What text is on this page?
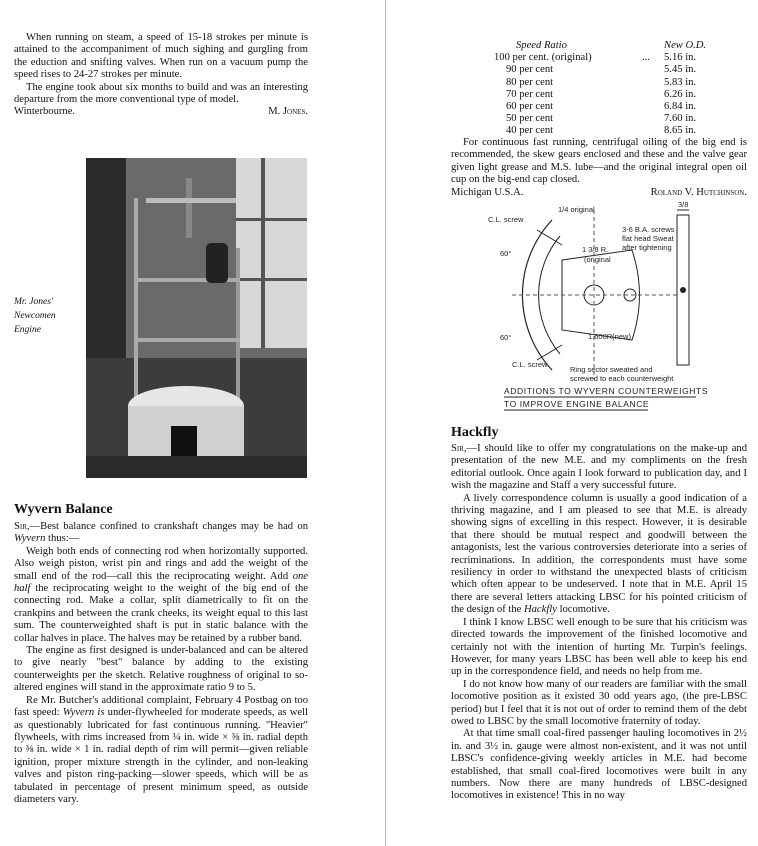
When running on steam, a speed of 15-18 strokes per minute is attained to the accompaniment of much sighing and gurgling from the eduction and snifting valves. When run on a vacuum pump the speed rises to 24-27 strokes per minute.

The engine took about six months to build and was an interesting departure from the more conventional type of model.

Winterbourne.	M. Jones.
Mr. Jones'
Newcomen
Engine
Wyvern Balance

Sir,—Best balance confined to crankshaft changes may be had on Wyvern thus:—

Weigh both ends of connecting rod when horizontally supported. Also weigh piston, wrist pin and rings and add the weight of the small end of the rod—call this the reciprocating weight. Add one half the reciprocating weight to the weight of the big end of the connecting rod. Make a collar, split diametrically to fit on the crankpins and between the crank cheeks, its weight equal to this last sum. The counterweighted shaft is put in static balance with the collar halves in place. The halves may be retained by a rubber band.

The engine as first designed is under-balanced and can be altered to give nearly "best" balance by adding to the existing counterweights per the sketch. Relative roughness of original to so-altered engines will stand in the approximate ratio 9 to 5.

Re Mr. Butcher's additional complaint, February 4 Postbag on too fast speed: Wyvern is under-flywheeled for moderate speeds, as well as questionably lubricated for fast continuous running. "Heavier" flywheels, with rims increased from ¼ in. wide × ⅜ in. radial depth to ⅜ in. wide × 1 in. radial depth of rim will permit—given reliable ignition, proper mixture strength in the cylinder, and non-leaking valves and piston ring-packing—slower speeds, which will be as tabulated in percentage of present minimum speed, as outside diameters vary.

Speed Ratio		New O.D.
100 per cent. (original)	...	5.16 in.
90 per cent		5.45 in.
80 per cent		5.83 in.
70 per cent		6.26 in.
60 per cent		6.84 in.
50 per cent		7.60 in.
40 per cent		8.65 in.

For continuous fast running, centrifugal oiling of the big end is recommended, the skew gears enclosed and these and the valve gear given light grease and M.S. lube—and the original integral open oil cup on the big-end cap closed.

Michigan U.S.A.	Roland V. Hutchinson.
C.L. screw
1/4 original
3/8
3-6 B.A. screws
flat head Sweat
after tightening
60°	1 3/8 R.
(original
60°	1.600R(new)
C.L. screw
Ring sector sweated and
screwed to each counterweight
ADDITIONS TO WYVERN COUNTERWEIGHTS
TO IMPROVE ENGINE BALANCE
Hackfly

Sir,—I should like to offer my congratulations on the make-up and presentation of the new M.E. and my compliments on the fresh editorial outlook. Once again I look forward to publication day, and I wish the magazine and Staff a very successful future.

A lively correspondence column is usually a good indication of a thriving magazine, and I am pleased to see that M.E. is already showing signs of excelling in this respect. However, it is desirable that there should be mutual respect and goodwill between the antagonists, lest the various controversies deteriorate into a series of recriminations. In addition, the correspondents must have some resiliency in order to withstand the unexpected blasts of criticism which often appear to be undeserved. I note that in M.E. April 15 there are several letters attacking LBSC for his pointed criticism of the design of the Hackfly locomotive.

I think I know LBSC well enough to be sure that his criticism was directed towards the improvement of the finished locomotive and certainly not with the intention of hurting Mr. Turpin's feelings. However, for many years LBSC has been well able to keep his end up in the correspondence field, and needs no help from me.

I do not know how many of our readers are familiar with the small locomotive position as it existed 30 odd years ago, (the pre-LBSC period) but I feel that it is not out of order to remind them of the debt owed to LBSC by the small locomotive fraternity of today.

At that time small coal-fired passenger hauling locomotives in 2½ in. and 3½ in. gauge were almost non-existent, and it was not until LBSC's confidence-giving weekly articles in M.E. had become established, that small coal-fired locomotives were built in any numbers. Now there are many hundreds of LBSC-designed locomotives in existence! This in no way
